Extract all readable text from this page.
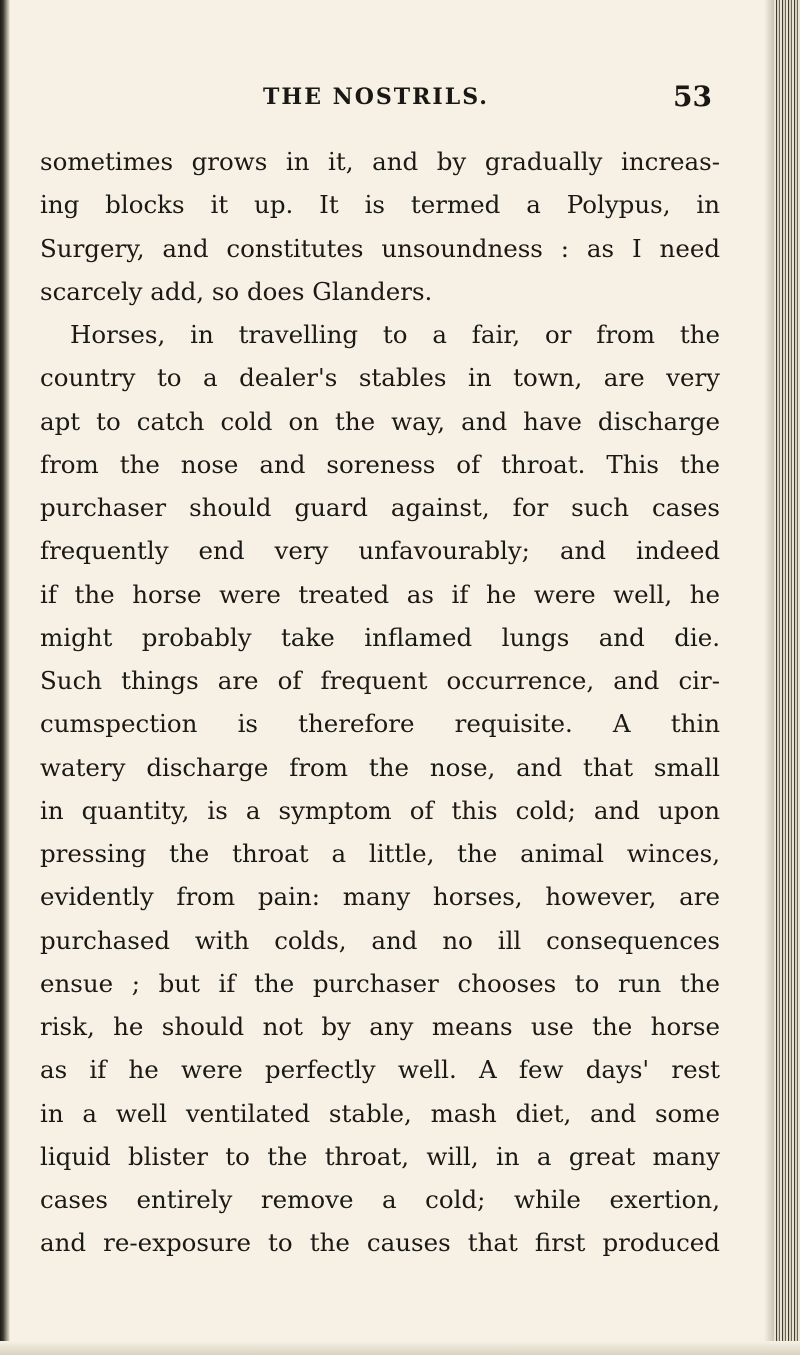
THE NOSTRILS.	53
sometimes grows in it, and by gradually increas-
ing blocks it up. It is termed a Polypus, in
Surgery, and constitutes unsoundness : as I need
scarcely add, so does Glanders.
Horses, in travelling to a fair, or from the
country to a dealer's stables in town, are very
apt to catch cold on the way, and have discharge
from the nose and soreness of throat. This the
purchaser should guard against, for such cases
frequently end very unfavourably; and indeed
if the horse were treated as if he were well, he
might probably take inflamed lungs and die.
Such things are of frequent occurrence, and cir-
cumspection is therefore requisite. A thin
watery discharge from the nose, and that small
in quantity, is a symptom of this cold; and upon
pressing the throat a little, the animal winces,
evidently from pain: many horses, however, are
purchased with colds, and no ill consequences
ensue ; but if the purchaser chooses to run the
risk, he should not by any means use the horse
as if he were perfectly well. A few days' rest
in a well ventilated stable, mash diet, and some
liquid blister to the throat, will, in a great many
cases entirely remove a cold; while exertion,
and re-exposure to the causes that first produced
